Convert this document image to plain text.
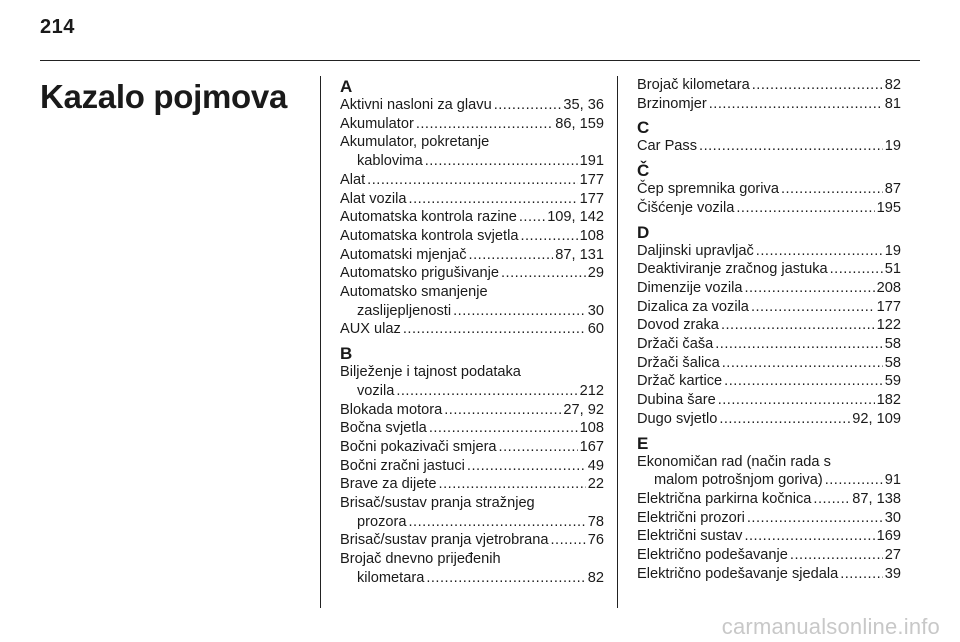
214
Kazalo pojmova	A
Aktivni nasloni za glavu .....	35, 36
Akumulator .....	86, 159
Akumulator, pokretanje
kablovima .....	191
Alat .....	177
Alat vozila .....	177
Automatska kontrola razine ..... 109, 142
Automatska kontrola svjetla .....	108
Automatski mjenjač .....	87, 131
Automatsko prigušivanje .....	29
Automatsko smanjenje
zaslijepljenosti .....	30
AUX ulaz .....	60
B
Bilježenje i tajnost podataka
vozila .....	212
Blokada motora .....	27, 92
Bočna svjetla .....	108
Bočni pokazivači smjera .....	167
Bočni zračni jastuci .....	49
Brave za dijete .....	22
Brisač/sustav pranja stražnjeg
prozora .....	78
Brisač/sustav pranja vjetrobrana .....	76
Brojač dnevno prijeđenih
kilometara .....	82
Brojač kilometara .....	82
Brzinomjer .....	81
C
Car Pass .....	19
Č
Čep spremnika goriva .....	87
Čišćenje vozila .....	195
D
Daljinski upravljač .....	19
Deaktiviranje zračnog jastuka .....	51
Dimenzije vozila .....	208
Dizalica za vozila .....	177
Dovod zraka .....	122
Držači čaša .....	58
Držači šalica .....	58
Držač kartice .....	59
Dubina šare .....	182
Dugo svjetlo .....	92, 109
E
Ekonomičan rad (način rada s
malom potrošnjom goriva) .....	91
Električna parkirna kočnica .....	87, 138
Električni prozori .....	30
Električni sustav .....	169
Električno podešavanje .....	27
Električno podešavanje sjedala .....	39
carmanualsonline.info
